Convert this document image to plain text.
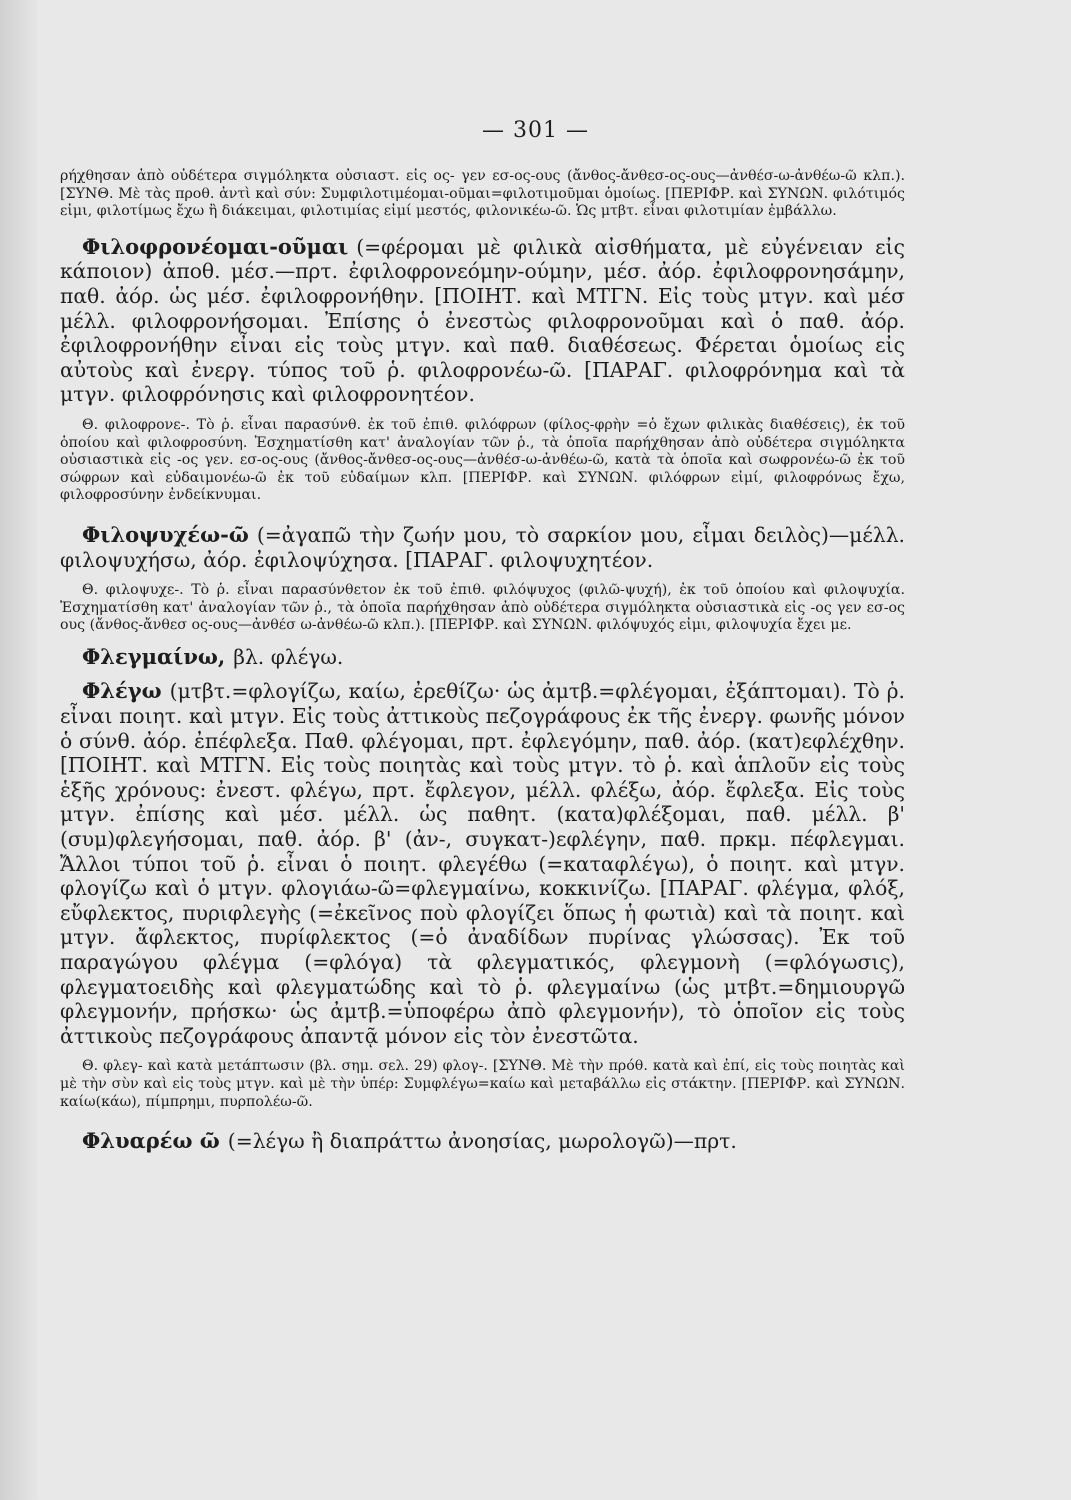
— 301 —

ρήχθησαν ἀπὸ οὐδέτερα σιγμόληκτα οὐσιαστ. εἰς ος- γεν εσ-ος-ους (ἄνθος-ἄνθεσ-ος-ους—ἀνθέσ-ω-ἀνθέω-ῶ κλπ.). [ΣΥΝΘ. Μὲ τὰς προθ. ἀντὶ καὶ σύν: Συμφιλοτιμέομαι-οῦμαι=φιλοτιμοῦμαι ὁμοίως. [ΠΕΡΙΦΡ. καὶ ΣΥΝΩΝ. φιλότιμός εἰμι, φιλοτίμως ἔχω ἢ διάκειμαι, φιλοτιμίας εἰμί μεστός, φιλονικέω-ῶ. Ὡς μτβτ. εἶναι φιλοτιμίαν ἐμβάλλω.

Φιλοφρονέομαι-οῦμαι (=φέρομαι μὲ φιλικὰ αἰσθήματα, μὲ εὐγένειαν εἰς κάποιον) ἀποθ. μέσ.—πρτ. ἐφιλοφρονεόμην-ούμην, μέσ. ἀόρ. ἐφιλοφρονησάμην, παθ. ἀόρ. ὡς μέσ. ἐφιλοφρονήθην. [ΠΟΙΗΤ. καὶ ΜΤΓΝ. Εἰς τοὺς μτγν. καὶ μέσ μέλλ. φιλοφρονήσομαι. Ἐπίσης ὁ ἐνεστὼς φιλοφρονοῦμαι καὶ ὁ παθ. ἀόρ. ἐφιλοφρονήθην εἶναι εἰς τοὺς μτγν. καὶ παθ. διαθέσεως. Φέρεται ὁμοίως εἰς αὐτοὺς καὶ ἐνεργ. τύπος τοῦ ῥ. φιλοφρονέω-ῶ. [ΠΑΡΑΓ. φιλοφρόνημα καὶ τὰ μτγν. φιλοφρόνησις καὶ φιλοφρονητέον.

Θ. φιλοφρονε-. Τὸ ῥ. εἶναι παρασύνθ. ἐκ τοῦ ἐπιθ. φιλόφρων (φίλος-φρὴν =ὁ ἔχων φιλικὰς διαθέσεις), ἐκ τοῦ ὁποίου καὶ φιλοφροσύνη. Ἐσχηματίσθη κατ' ἀναλογίαν τῶν ῥ., τὰ ὁποῖα παρήχθησαν ἀπὸ οὐδέτερα σιγμόληκτα οὐσιαστικὰ εἰς -ος γεν. εσ-ος-ους (ἄνθος-ἄνθεσ-ος-ους—ἀνθέσ-ω-ἀνθέω-ῶ, κατὰ τὰ ὁποῖα καὶ σωφρονέω-ῶ ἐκ τοῦ σώφρων καὶ εὐδαιμονέω-ῶ ἐκ τοῦ εὐδαίμων κλπ. [ΠΕΡΙΦΡ. καὶ ΣΥΝΩΝ. φιλόφρων εἰμί, φιλοφρόνως ἔχω, φιλοφροσύνην ἐνδείκνυμαι.

Φιλοψυχέω-ῶ (=ἀγαπῶ τὴν ζωήν μου, τὸ σαρκίον μου, εἶμαι δειλὸς)—μέλλ. φιλοψυχήσω, ἀόρ. ἐφιλοψύχησα. [ΠΑΡΑΓ. φιλοψυχητέον.

Θ. φιλοψυχε-. Τὸ ῥ. εἶναι παρασύνθετον ἐκ τοῦ ἐπιθ. φιλόψυχος (φιλῶ-ψυχή), ἐκ τοῦ ὁποίου καὶ φιλοψυχία. Ἐσχηματίσθη κατ' ἀναλογίαν τῶν ῥ., τὰ ὁποῖα παρήχθησαν ἀπὸ οὐδέτερα σιγμόληκτα οὐσιαστικὰ εἰς -ος γεν εσ-ος ους (ἄνθος-ἄνθεσ ος-ους—ἀνθέσ ω-ἀνθέω-ῶ κλπ.). [ΠΕΡΙΦΡ. καὶ ΣΥΝΩΝ. φιλόψυχός εἰμι, φιλοψυχία ἔχει με.

Φλεγμαίνω, βλ. φλέγω.

Φλέγω (μτβτ.=φλογίζω, καίω, ἐρεθίζω· ὡς ἀμτβ.=φλέγομαι, ἐξάπτομαι). Τὸ ῥ. εἶναι ποιητ. καὶ μτγν. Εἰς τοὺς ἀττικοὺς πεζογράφους ἐκ τῆς ἐνεργ. φωνῆς μόνον ὁ σύνθ. ἀόρ. ἐπέφλεξα. Παθ. φλέγομαι, πρτ. ἐφλεγόμην, παθ. ἀόρ. (κατ)εφλέχθην. [ΠΟΙΗΤ. καὶ ΜΤΓΝ. Εἰς τοὺς ποιητὰς καὶ τοὺς μτγν. τὸ ῥ. καὶ ἁπλοῦν εἰς τοὺς ἑξῆς χρόνους: ἐνεστ. φλέγω, πρτ. ἔφλεγον, μέλλ. φλέξω, ἀόρ. ἔφλεξα. Εἰς τοὺς μτγν. ἐπίσης καὶ μέσ. μέλλ. ὡς παθητ. (κατα)φλέξομαι, παθ. μέλλ. β' (συμ)φλεγήσομαι, παθ. ἀόρ. β' (ἀν-, συγκατ-)εφλέγην, παθ. πρκμ. πέφλεγμαι. Ἄλλοι τύποι τοῦ ῥ. εἶναι ὁ ποιητ. φλεγέθω (=καταφλέγω), ὁ ποιητ. καὶ μτγν. φλογίζω καὶ ὁ μτγν. φλογιάω-ῶ=φλεγμαίνω, κοκκινίζω. [ΠΑΡΑΓ. φλέγμα, φλόξ, εὔφλεκτος, πυριφλεγὴς (=ἐκεῖνος ποὺ φλογίζει ὅπως ἡ φωτιὰ) καὶ τὰ ποιητ. καὶ μτγν. ἄφλεκτος, πυρίφλεκτος (=ὁ ἀναδίδων πυρίνας γλώσσας). Ἐκ τοῦ παραγώγου φλέγμα (=φλόγα) τὰ φλεγματικός, φλεγμονὴ (=φλόγωσις), φλεγματοειδὴς καὶ φλεγματώδης καὶ τὸ ῥ. φλεγμαίνω (ὡς μτβτ.=δημιουργῶ φλεγμονήν, πρήσκω· ὡς ἀμτβ.=ὑποφέρω ἀπὸ φλεγμονήν), τὸ ὁποῖον εἰς τοὺς ἀττικοὺς πεζογράφους ἀπαντᾷ μόνον εἰς τὸν ἐνεστῶτα.

Θ. φλεγ- καὶ κατὰ μετάπτωσιν (βλ. σημ. σελ. 29) φλογ-. [ΣΥΝΘ. Μὲ τὴν πρόθ. κατὰ καὶ ἐπί, εἰς τοὺς ποιητὰς καὶ μὲ τὴν σὺν καὶ εἰς τοὺς μτγν. καὶ μὲ τὴν ὑπέρ: Συμφλέγω=καίω καὶ μεταβάλλω εἰς στάκτην. [ΠΕΡΙΦΡ. καὶ ΣΥΝΩΝ. καίω(κάω), πίμπρημι, πυρπολέω-ῶ.

Φλυαρέω ῶ (=λέγω ἢ διαπράττω ἀνοησίας, μωρολογῶ)—πρτ.
